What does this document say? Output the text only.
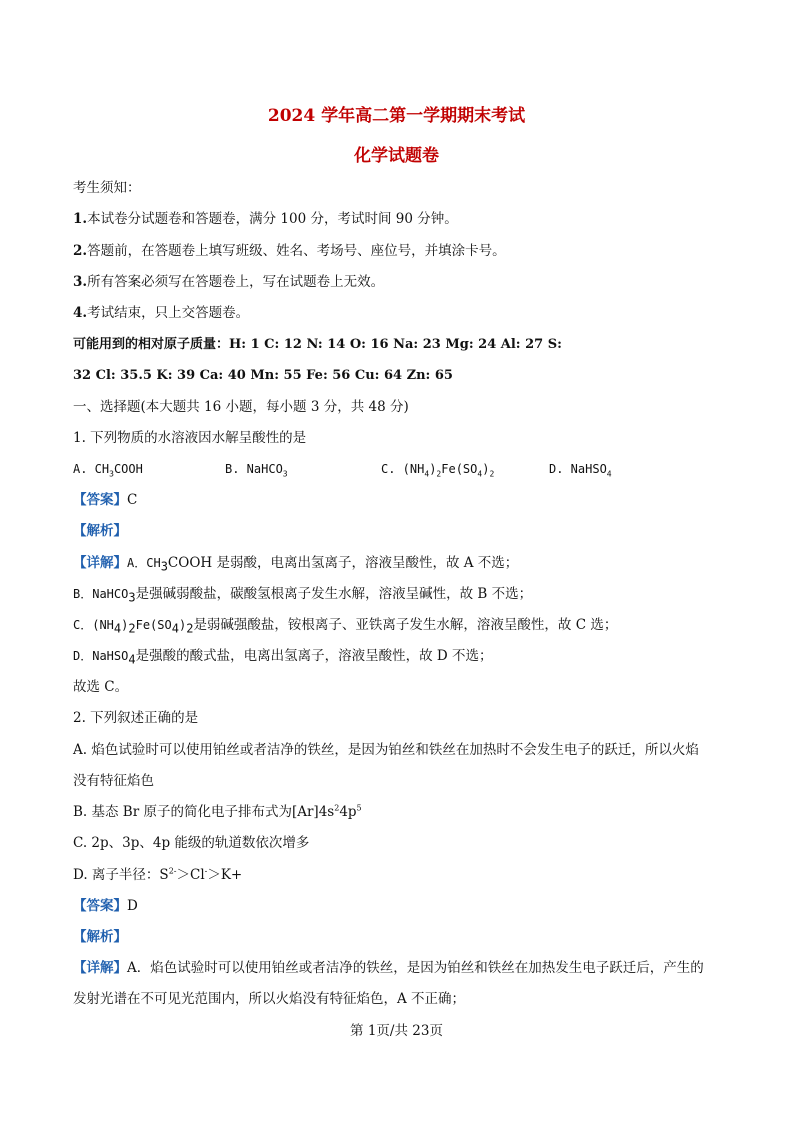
2024 学年高二第一学期期末考试
化学试题卷
考生须知：
1.本试卷分试题卷和答题卷，满分 100 分，考试时间 90 分钟。
2.答题前，在答题卷上填写班级、姓名、考场号、座位号，并填涂卡号。
3.所有答案必须写在答题卷上，写在试题卷上无效。
4.考试结束，只上交答题卷。
可能用到的相对原子质量：H: 1 C: 12 N: 14 O: 16 Na: 23 Mg: 24 Al: 27 S:
32 Cl: 35.5 K: 39 Ca: 40 Mn: 55 Fe: 56 Cu: 64 Zn: 65
一、选择题(本大题共 16 小题，每小题 3 分，共 48 分)
1. 下列物质的水溶液因水解呈酸性的是
A. $CH_3COOH$	B. NaHCO$_3$	C. $(NH_4)_2Fe(SO_4)_2$	D. NaHSO$_4$
【答案】C
【解析】
【详解】A．$CH_3COOH$ 是弱酸，电离出氢离子，溶液呈酸性，故 A 不选；
B．NaHCO$_3$是强碱弱酸盐，碳酸氢根离子发生水解，溶液呈碱性，故 B 不选；
C．$(NH_4)_2Fe(SO_4)_2$是弱碱强酸盐，铵根离子、亚铁离子发生水解，溶液呈酸性，故 C 选；
D．NaHSO$_4$是强酸的酸式盐，电离出氢离子，溶液呈酸性，故 D 不选；
故选 C。
2. 下列叙述正确的是
A. 焰色试验时可以使用铂丝或者洁净的铁丝，是因为铂丝和铁丝在加热时不会发生电子的跃迁，所以火焰
没有特征焰色
B. 基态 Br 原子的简化电子排布式为$[Ar]4s^24p^5$
C. 2p、3p、4p 能级的轨道数依次增多
D. 离子半径：$S^{2-}>Cl^->K+$
【答案】D
【解析】
【详解】A．焰色试验时可以使用铂丝或者洁净的铁丝，是因为铂丝和铁丝在加热发生电子跃迁后，产生的
发射光谱在不可见光范围内，所以火焰没有特征焰色，A 不正确；
第 1页/共 23页
